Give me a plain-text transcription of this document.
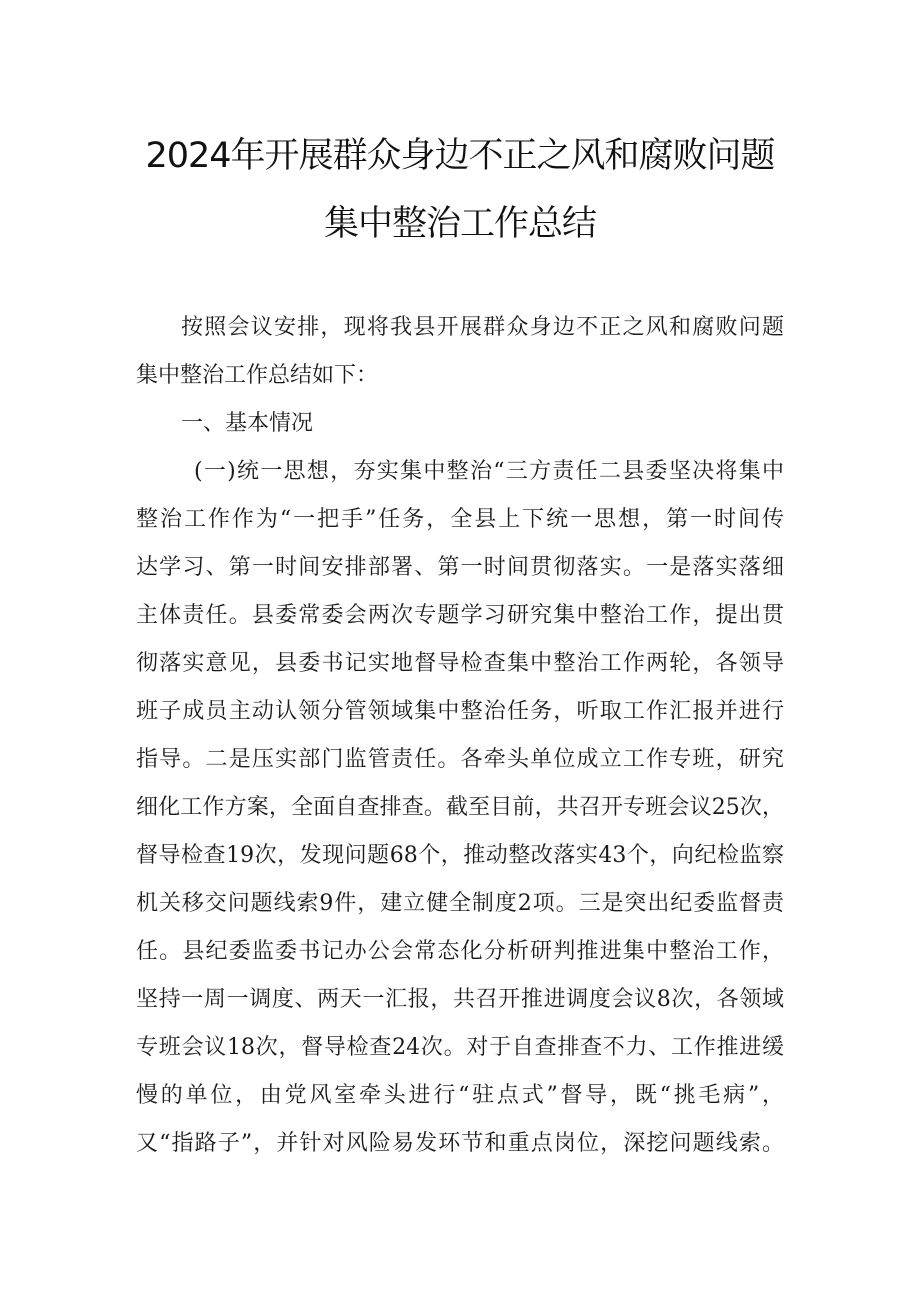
2024年开展群众身边不正之风和腐败问题
集中整治工作总结
按照会议安排，现将我县开展群众身边不正之风和腐败问题
集中整治工作总结如下：
一、基本情况
(一)统一思想，夯实集中整治“三方责任二县委坚决将集中
整治工作作为“一把手”任务，全县上下统一思想，第一时间传
达学习、第一时间安排部署、第一时间贯彻落实。一是落实落细
主体责任。县委常委会两次专题学习研究集中整治工作，提出贯
彻落实意见，县委书记实地督导检查集中整治工作两轮，各领导
班子成员主动认领分管领域集中整治任务，听取工作汇报并进行
指导。二是压实部门监管责任。各牵头单位成立工作专班，研究
细化工作方案，全面自查排查。截至目前，共召开专班会议25次，
督导检查19次，发现问题68个，推动整改落实43个，向纪检监察
机关移交问题线索9件，建立健全制度2项。三是突出纪委监督责
任。县纪委监委书记办公会常态化分析研判推进集中整治工作，
坚持一周一调度、两天一汇报，共召开推进调度会议8次，各领域
专班会议18次，督导检查24次。对于自查排查不力、工作推进缓
慢的单位，由党风室牵头进行“驻点式”督导，既“挑毛病”，
又“指路子”，并针对风险易发环节和重点岗位，深挖问题线索。
